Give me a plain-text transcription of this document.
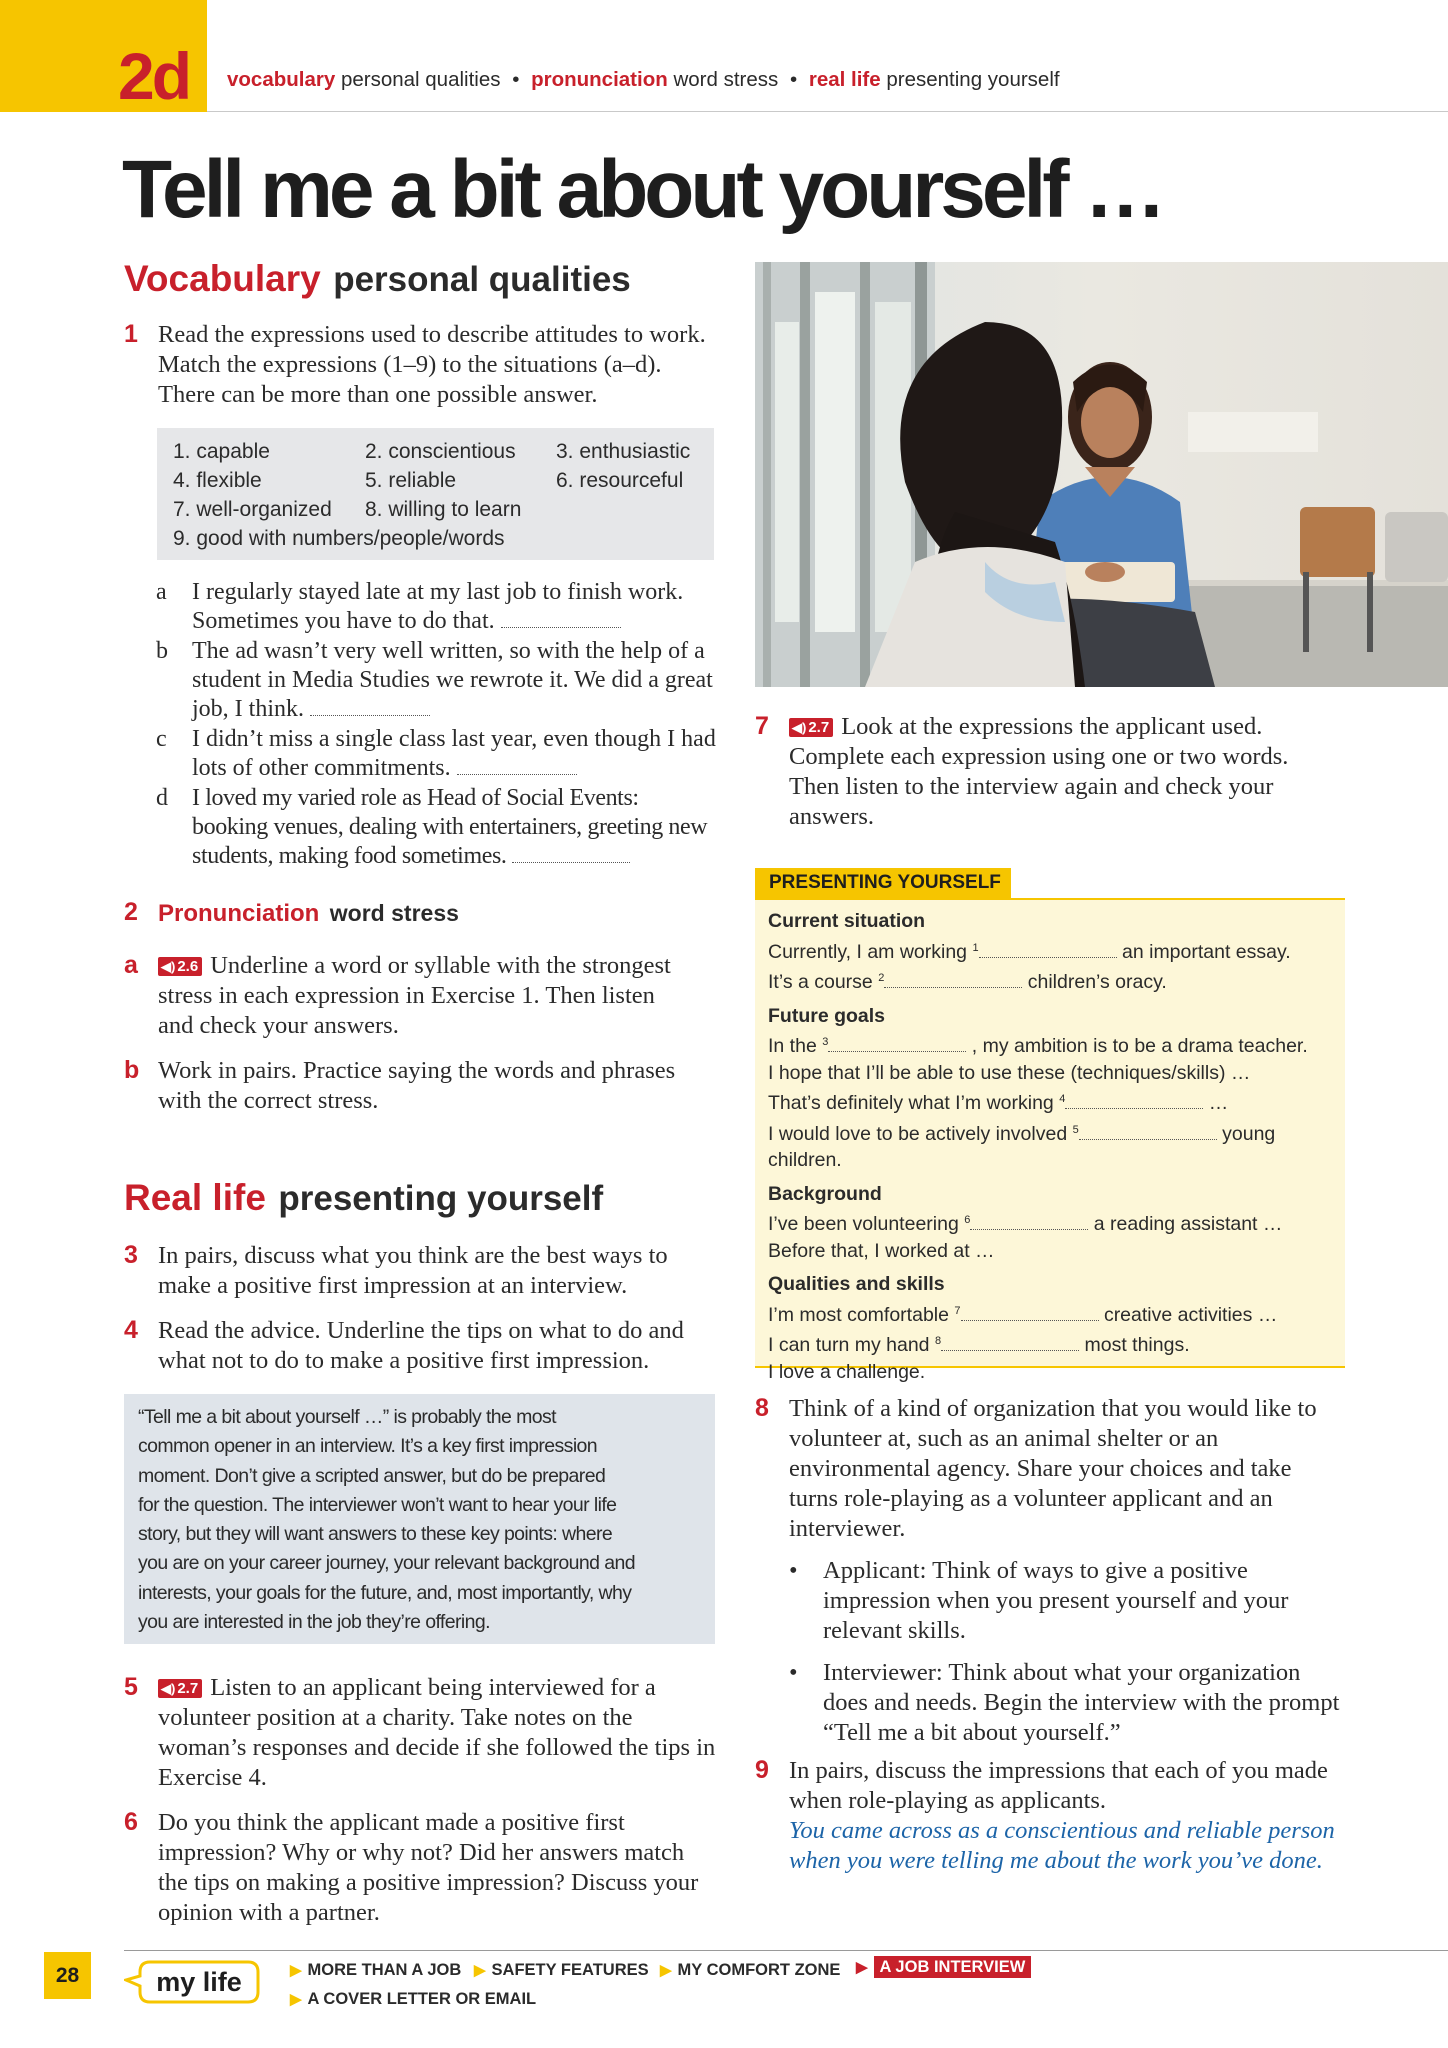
2d vocabulary personal qualities • pronunciation word stress • real life presenting yourself
Tell me a bit about yourself …
Vocabulary personal qualities
1 Read the expressions used to describe attitudes to work. Match the expressions (1–9) to the situations (a–d). There can be more than one possible answer.
1. capable	2. conscientious 3. enthusiastic
4. flexible	5. reliable	6. resourceful
7. well-organized 8. willing to learn
9. good with numbers/people/words
a I regularly stayed late at my last job to finish work. Sometimes you have to do that.
b The ad wasn’t very well written, so with the help of a student in Media Studies we rewrote it. We did a great job, I think.
c I didn’t miss a single class last year, even though I had lots of other commitments.
d I loved my varied role as Head of Social Events: booking venues, dealing with entertainers, greeting new students, making food sometimes.
2 Pronunciation word stress
a ◀) 2.6 Underline a word or syllable with the strongest stress in each expression in Exercise 1. Then listen and check your answers.
b Work in pairs. Practice saying the words and phrases with the correct stress.
Real life presenting yourself
3 In pairs, discuss what you think are the best ways to make a positive first impression at an interview.
4 Read the advice. Underline the tips on what to do and what not to do to make a positive first impression.
“Tell me a bit about yourself …” is probably the most
common opener in an interview. It’s a key first impression
moment. Don’t give a scripted answer, but do be prepared
for the question. The interviewer won’t want to hear your life
story, but they will want answers to these key points: where
you are on your career journey, your relevant background and
interests, your goals for the future, and, most importantly, why
you are interested in the job they’re offering.
5 ◀) 2.7 Listen to an applicant being interviewed for a volunteer position at a charity. Take notes on the woman’s responses and decide if she followed the tips in Exercise 4.
6 Do you think the applicant made a positive first impression? Why or why not? Did her answers match the tips on making a positive impression? Discuss your opinion with a partner.
7 ◀) 2.7 Look at the expressions the applicant used. Complete each expression using one or two words. Then listen to the interview again and check your answers.
PRESENTING YOURSELF
Current situation
Currently, I am working $^1$	an important essay.
It’s a course $^2$	children’s oracy.
Future goals
In the $^3$	, my ambition is to be a drama teacher.
I hope that I’ll be able to use these (techniques/skills) …
That’s definitely what I’m working $^4$	…
I would love to be actively involved $^5$	young
children.
Background
I’ve been volunteering $^6$	a reading assistant …
Before that, I worked at …
Qualities and skills
I’m most comfortable $^7$	creative activities …
I can turn my hand $^8$	most things.
I love a challenge.
8 Think of a kind of organization that you would like to volunteer at, such as an animal shelter or an environmental agency. Share your choices and take turns role-playing as a volunteer applicant and an interviewer.
• Applicant: Think of ways to give a positive impression when you present yourself and your relevant skills.
• Interviewer: Think about what your organization does and needs. Begin the interview with the prompt “Tell me a bit about yourself.”
9 In pairs, discuss the impressions that each of you made when role-playing as applicants.
You came across as a conscientious and reliable person when you were telling me about the work you’ve done.
28	my life	▶ MORE THAN A JOB ▶ SAFETY FEATURES ▶ MY COMFORT ZONE ▶ A JOB INTERVIEW
▶ A COVER LETTER OR EMAIL
